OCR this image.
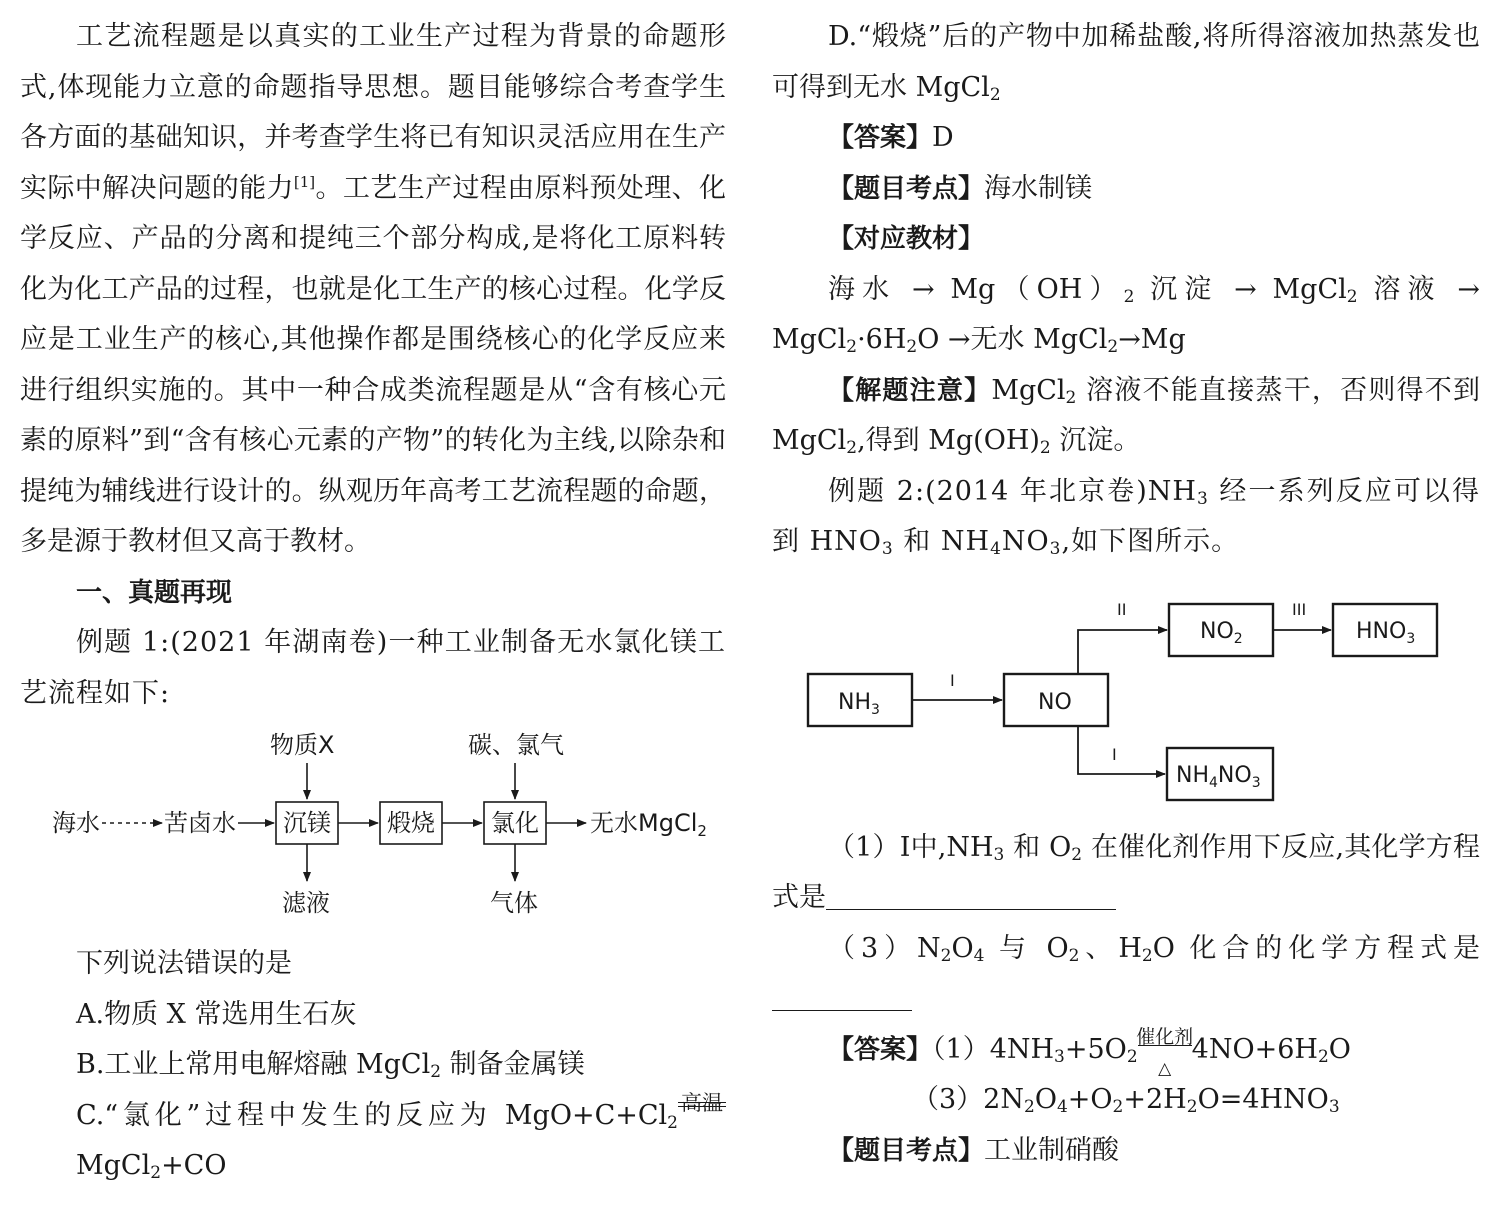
工艺流程题是以真实的工业生产过程为背景的命题形式,体现能力立意的命题指导思想。题目能够综合考查学生各方面的基础知识，并考查学生将已有知识灵活应用在生产实际中解决问题的能力[1]。工艺生产过程由原料预处理、化学反应、产品的分离和提纯三个部分构成,是将化工原料转化为化工产品的过程，也就是化工生产的核心过程。化学反应是工业生产的核心,其他操作都是围绕核心的化学反应来进行组织实施的。其中一种合成类流程题是从“含有核心元素的原料”到“含有核心元素的产物”的转化为主线,以除杂和提纯为辅线进行设计的。纵观历年高考工艺流程题的命题，多是源于教材但又高于教材。

一、真题再现

例题 1:(2021 年湖南卷)一种工业制备无水氯化镁工艺流程如下:

海水	苦卤水 沉镁 煅烧 氯化 无水MgCl$_2$
物质X	碳、氯气
滤液	气体

下列说法错误的是

A.物质 X 常选用生石灰

B.工业上常用电解熔融 MgCl$_2$ 制备金属镁

C.“氯化”过程中发生的反应为 $MgO+C+Cl_2$
高温
MgCl$_2$+CO

D.“煅烧”后的产物中加稀盐酸,将所得溶液加热蒸发也可得到无水 MgCl$_2$

【答案】D

【题目考点】海水制镁

【对应教材】

海水 → $Mg(OH)_2$ 沉淀 → MgCl$_2$ 溶液 → $MgCl_2\cdot 6H_2O$ →无水 MgCl$_2$→Mg

【解题注意】MgCl$_2$ 溶液不能直接蒸干，否则得不到 MgCl$_2$,得到 $Mg(OH)_2$ 沉淀。

例题 2:(2014 年北京卷)$NH_3$ 经一系列反应可以得到 $HNO_3$ 和 $NH_4NO_3$,如下图所示。

$NH_3$
I
NO
II
$NO_2$
III
$HNO_3$
I
$NH_4NO_3$

（1）Ⅰ中$,NH_3$ 和 $O_2$ 在催化剂作用下反应,其化学方程式是

$(3)N_2O_4$ 与 $O_2$、$H_2O$ 化合的化学方程式是

【答案】$(1)4NH_3+5O_2$
催化剂
△
$4NO+6H_2O$

$(3)2N_2O_4+O_2+2H_2O=4HNO_3$

【题目考点】工业制硝酸
